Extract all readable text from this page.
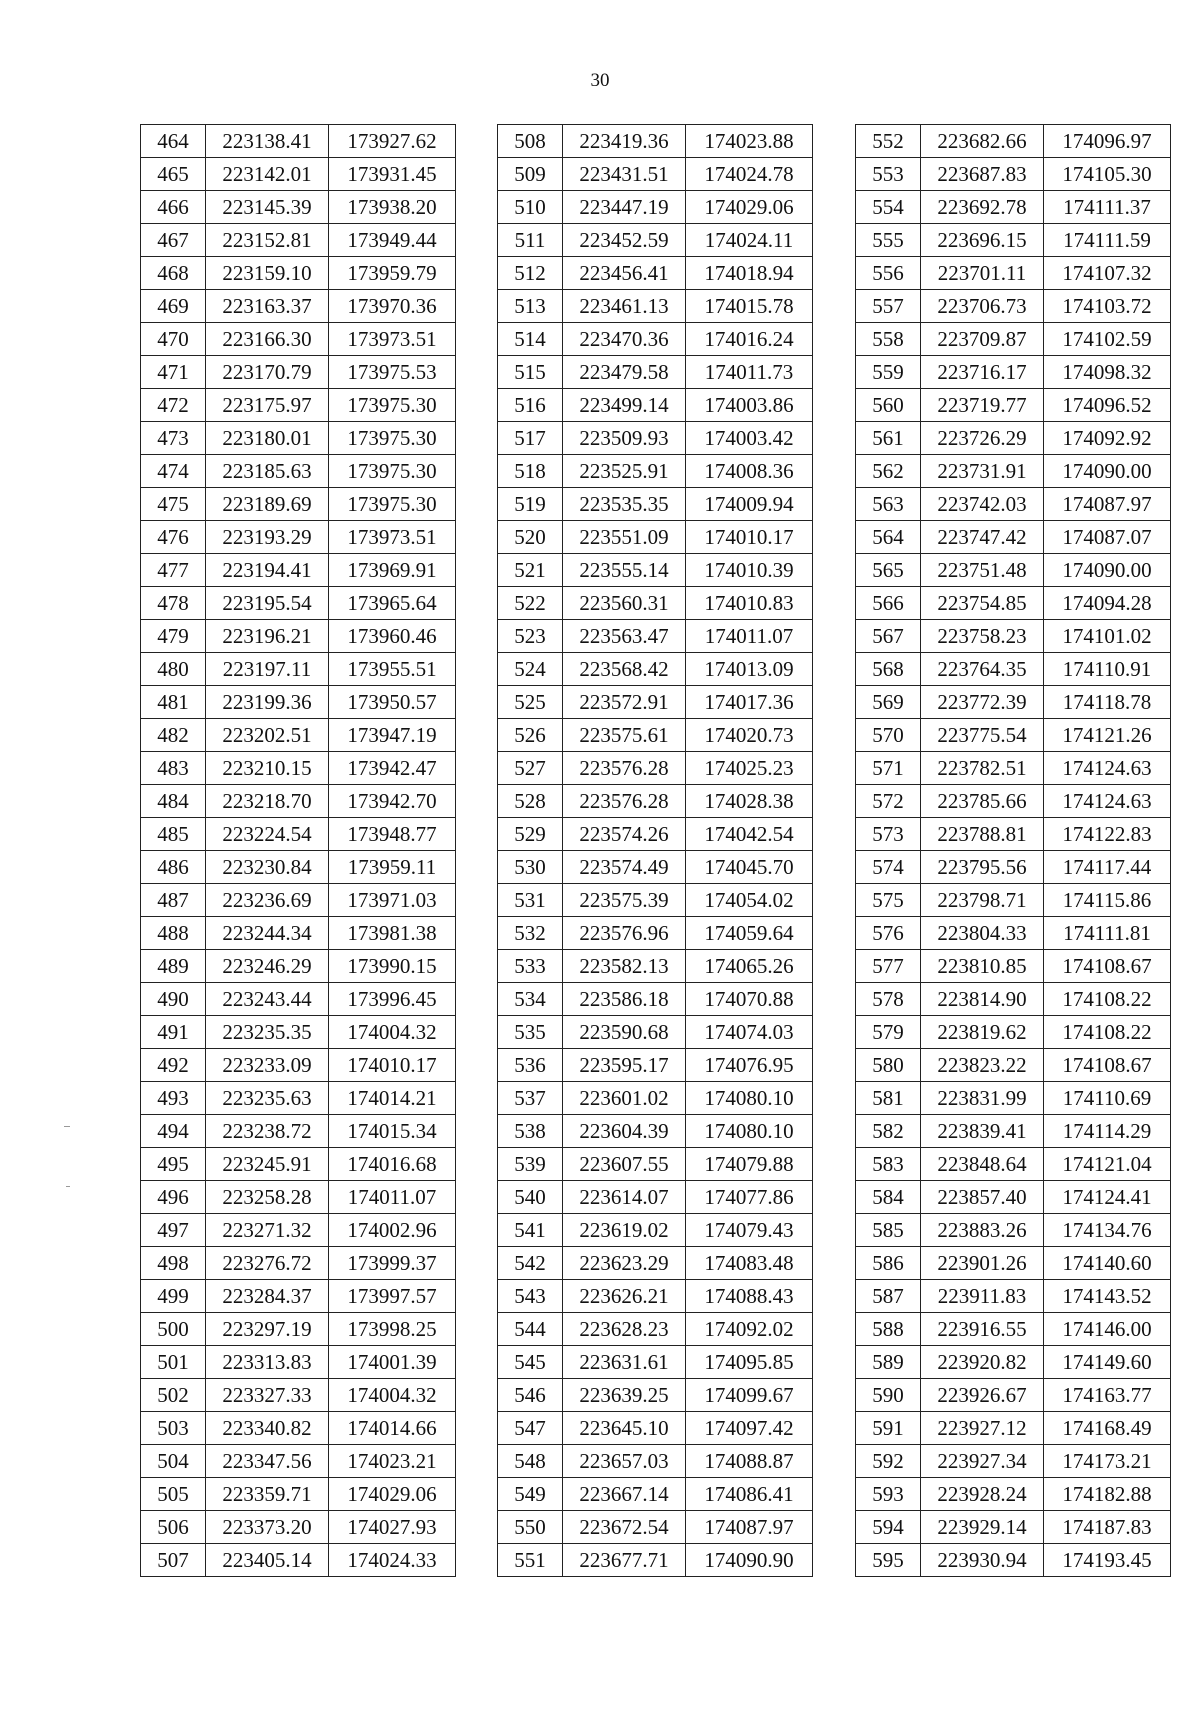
30
464	223138.41	173927.62
465	223142.01	173931.45
466	223145.39	173938.20
467	223152.81	173949.44
468	223159.10	173959.79
469	223163.37	173970.36
470	223166.30	173973.51
471	223170.79	173975.53
472	223175.97	173975.30
473	223180.01	173975.30
474	223185.63	173975.30
475	223189.69	173975.30
476	223193.29	173973.51
477	223194.41	173969.91
478	223195.54	173965.64
479	223196.21	173960.46
480	223197.11	173955.51
481	223199.36	173950.57
482	223202.51	173947.19
483	223210.15	173942.47
484	223218.70	173942.70
485	223224.54	173948.77
486	223230.84	173959.11
487	223236.69	173971.03
488	223244.34	173981.38
489	223246.29	173990.15
490	223243.44	173996.45
491	223235.35	174004.32
492	223233.09	174010.17
493	223235.63	174014.21
494	223238.72	174015.34
495	223245.91	174016.68
496	223258.28	174011.07
497	223271.32	174002.96
498	223276.72	173999.37
499	223284.37	173997.57
500	223297.19	173998.25
501	223313.83	174001.39
502	223327.33	174004.32
503	223340.82	174014.66
504	223347.56	174023.21
505	223359.71	174029.06
506	223373.20	174027.93
507	223405.14	174024.33
508	223419.36	174023.88
509	223431.51	174024.78
510	223447.19	174029.06
511	223452.59	174024.11
512	223456.41	174018.94
513	223461.13	174015.78
514	223470.36	174016.24
515	223479.58	174011.73
516	223499.14	174003.86
517	223509.93	174003.42
518	223525.91	174008.36
519	223535.35	174009.94
520	223551.09	174010.17
521	223555.14	174010.39
522	223560.31	174010.83
523	223563.47	174011.07
524	223568.42	174013.09
525	223572.91	174017.36
526	223575.61	174020.73
527	223576.28	174025.23
528	223576.28	174028.38
529	223574.26	174042.54
530	223574.49	174045.70
531	223575.39	174054.02
532	223576.96	174059.64
533	223582.13	174065.26
534	223586.18	174070.88
535	223590.68	174074.03
536	223595.17	174076.95
537	223601.02	174080.10
538	223604.39	174080.10
539	223607.55	174079.88
540	223614.07	174077.86
541	223619.02	174079.43
542	223623.29	174083.48
543	223626.21	174088.43
544	223628.23	174092.02
545	223631.61	174095.85
546	223639.25	174099.67
547	223645.10	174097.42
548	223657.03	174088.87
549	223667.14	174086.41
550	223672.54	174087.97
551	223677.71	174090.90
552	223682.66	174096.97
553	223687.83	174105.30
554	223692.78	174111.37
555	223696.15	174111.59
556	223701.11	174107.32
557	223706.73	174103.72
558	223709.87	174102.59
559	223716.17	174098.32
560	223719.77	174096.52
561	223726.29	174092.92
562	223731.91	174090.00
563	223742.03	174087.97
564	223747.42	174087.07
565	223751.48	174090.00
566	223754.85	174094.28
567	223758.23	174101.02
568	223764.35	174110.91
569	223772.39	174118.78
570	223775.54	174121.26
571	223782.51	174124.63
572	223785.66	174124.63
573	223788.81	174122.83
574	223795.56	174117.44
575	223798.71	174115.86
576	223804.33	174111.81
577	223810.85	174108.67
578	223814.90	174108.22
579	223819.62	174108.22
580	223823.22	174108.67
581	223831.99	174110.69
582	223839.41	174114.29
583	223848.64	174121.04
584	223857.40	174124.41
585	223883.26	174134.76
586	223901.26	174140.60
587	223911.83	174143.52
588	223916.55	174146.00
589	223920.82	174149.60
590	223926.67	174163.77
591	223927.12	174168.49
592	223927.34	174173.21
593	223928.24	174182.88
594	223929.14	174187.83
595	223930.94	174193.45
